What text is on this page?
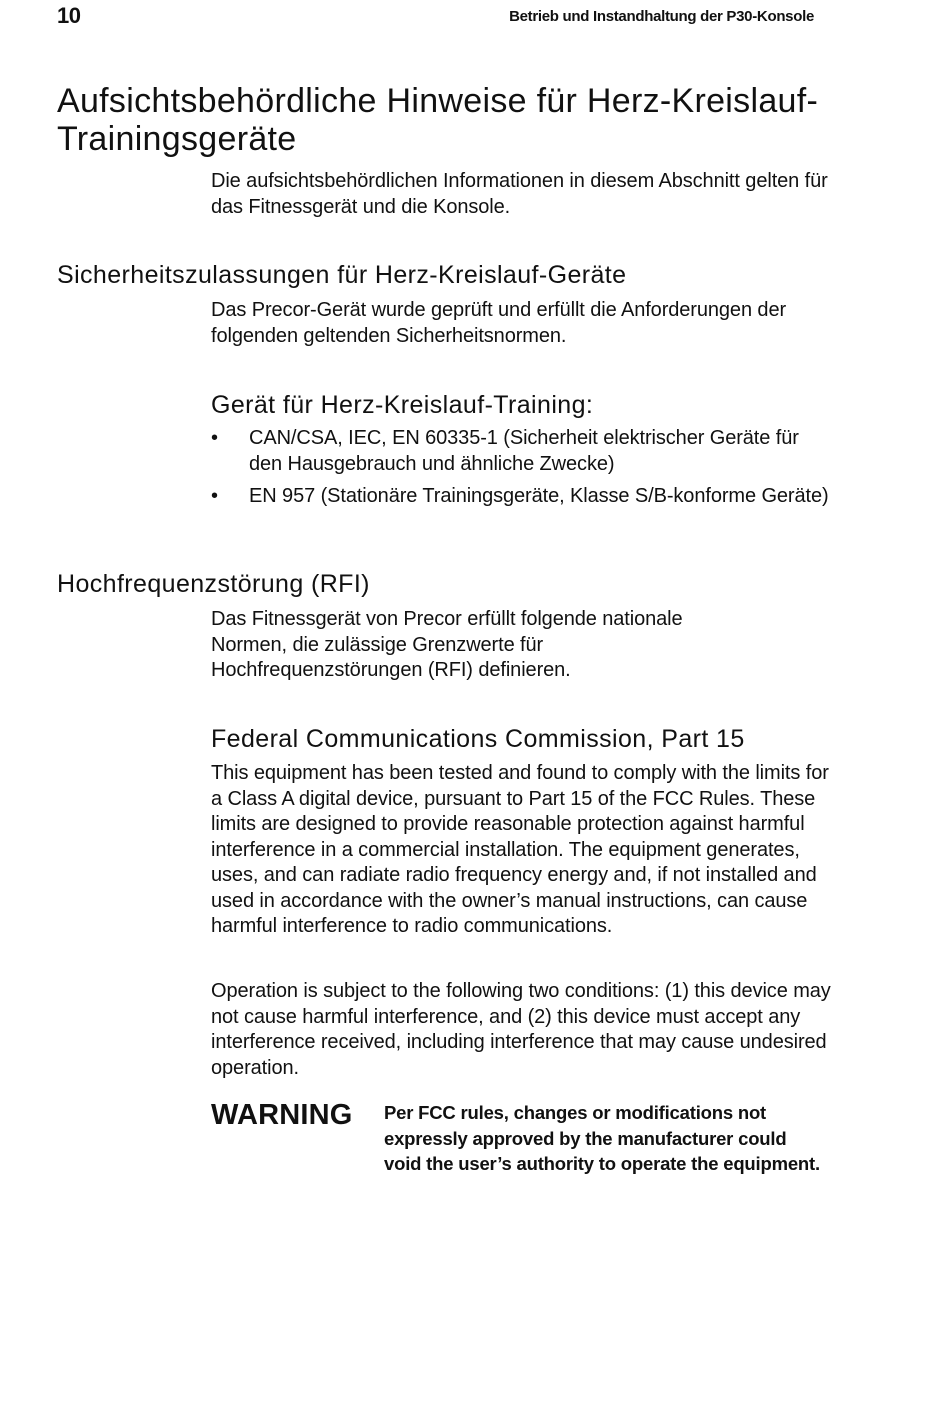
10	Betrieb und Instandhaltung der P30-Konsole
Aufsichtsbehördliche Hinweise für Herz-Kreislauf-Trainingsgeräte

Die aufsichtsbehördlichen Informationen in diesem Abschnitt gelten für das Fitnessgerät und die Konsole.

Sicherheitszulassungen für Herz-Kreislauf-Geräte

Das Precor-Gerät wurde geprüft und erfüllt die Anforderungen der folgenden geltenden Sicherheitsnormen.

Gerät für Herz-Kreislauf-Training:
• CAN/CSA, IEC, EN 60335-1 (Sicherheit elektrischer Geräte für den Hausgebrauch und ähnliche Zwecke)
• EN 957 (Stationäre Trainingsgeräte, Klasse S/B-konforme Geräte)
Hochfrequenzstörung (RFI)

Das Fitnessgerät von Precor erfüllt folgende nationale Normen, die zulässige Grenzwerte für Hochfrequenzstörungen (RFI) definieren.

Federal Communications Commission, Part 15

This equipment has been tested and found to comply with the limits for a Class A digital device, pursuant to Part 15 of the FCC Rules. These limits are designed to provide reasonable protection against harmful interference in a commercial installation. The equipment generates, uses, and can radiate radio frequency energy and, if not installed and used in accordance with the owner’s manual instructions, can cause harmful interference to radio communications.

Operation is subject to the following two conditions: (1) this device may not cause harmful interference, and (2) this device must accept any interference received, including interference that may cause undesired operation.

WARNING Per FCC rules, changes or modifications not expressly approved by the manufacturer could void the user’s authority to operate the equipment.
